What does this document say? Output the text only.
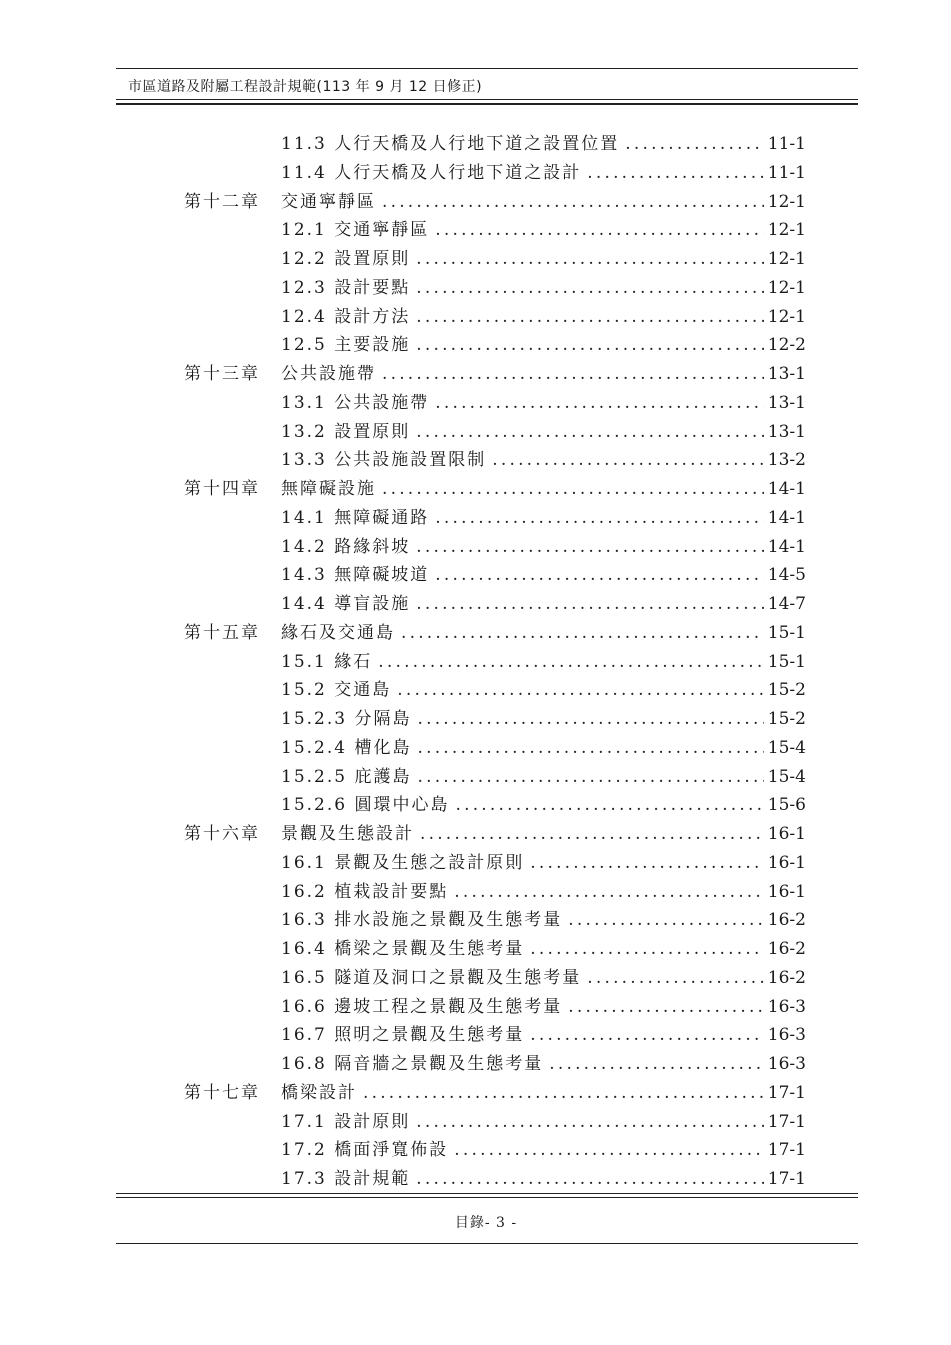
市區道路及附屬工程設計規範(113 年 9 月 12 日修正)
11.3 人行天橋及人行地下道之設置位置 .....	11-1
11.4 人行天橋及人行地下道之設計 .....	11-1
第十二章	交通寧靜區 .....	12-1
12.1 交通寧靜區 .....	12-1
12.2 設置原則 .....	12-1
12.3 設計要點 .....	12-1
12.4 設計方法 .....	12-1
12.5 主要設施 .....	12-2
第十三章	公共設施帶 .....	13-1
13.1 公共設施帶 .....	13-1
13.2 設置原則 .....	13-1
13.3 公共設施設置限制 .....	13-2
第十四章	無障礙設施 .....	14-1
14.1 無障礙通路 .....	14-1
14.2 路緣斜坡 .....	14-1
14.3 無障礙坡道 .....	14-5
14.4 導盲設施 .....	14-7
第十五章	緣石及交通島 .....	15-1
15.1 緣石 .....	15-1
15.2 交通島 .....	15-2
15.2.3 分隔島 .....	15-2
15.2.4 槽化島 .....	15-4
15.2.5 庇護島 .....	15-4
15.2.6 圓環中心島 .....	15-6
第十六章	景觀及生態設計 .....	16-1
16.1 景觀及生態之設計原則 .....	16-1
16.2 植栽設計要點 .....	16-1
16.3 排水設施之景觀及生態考量 .....	16-2
16.4 橋梁之景觀及生態考量 .....	16-2
16.5 隧道及洞口之景觀及生態考量 .....	16-2
16.6 邊坡工程之景觀及生態考量 .....	16-3
16.7 照明之景觀及生態考量 .....	16-3
16.8 隔音牆之景觀及生態考量 .....	16-3
第十七章	橋梁設計 .....	17-1
17.1 設計原則 .....	17-1
17.2 橋面淨寬佈設 .....	17-1
17.3 設計規範 .....	17-1
目錄- 3 -
